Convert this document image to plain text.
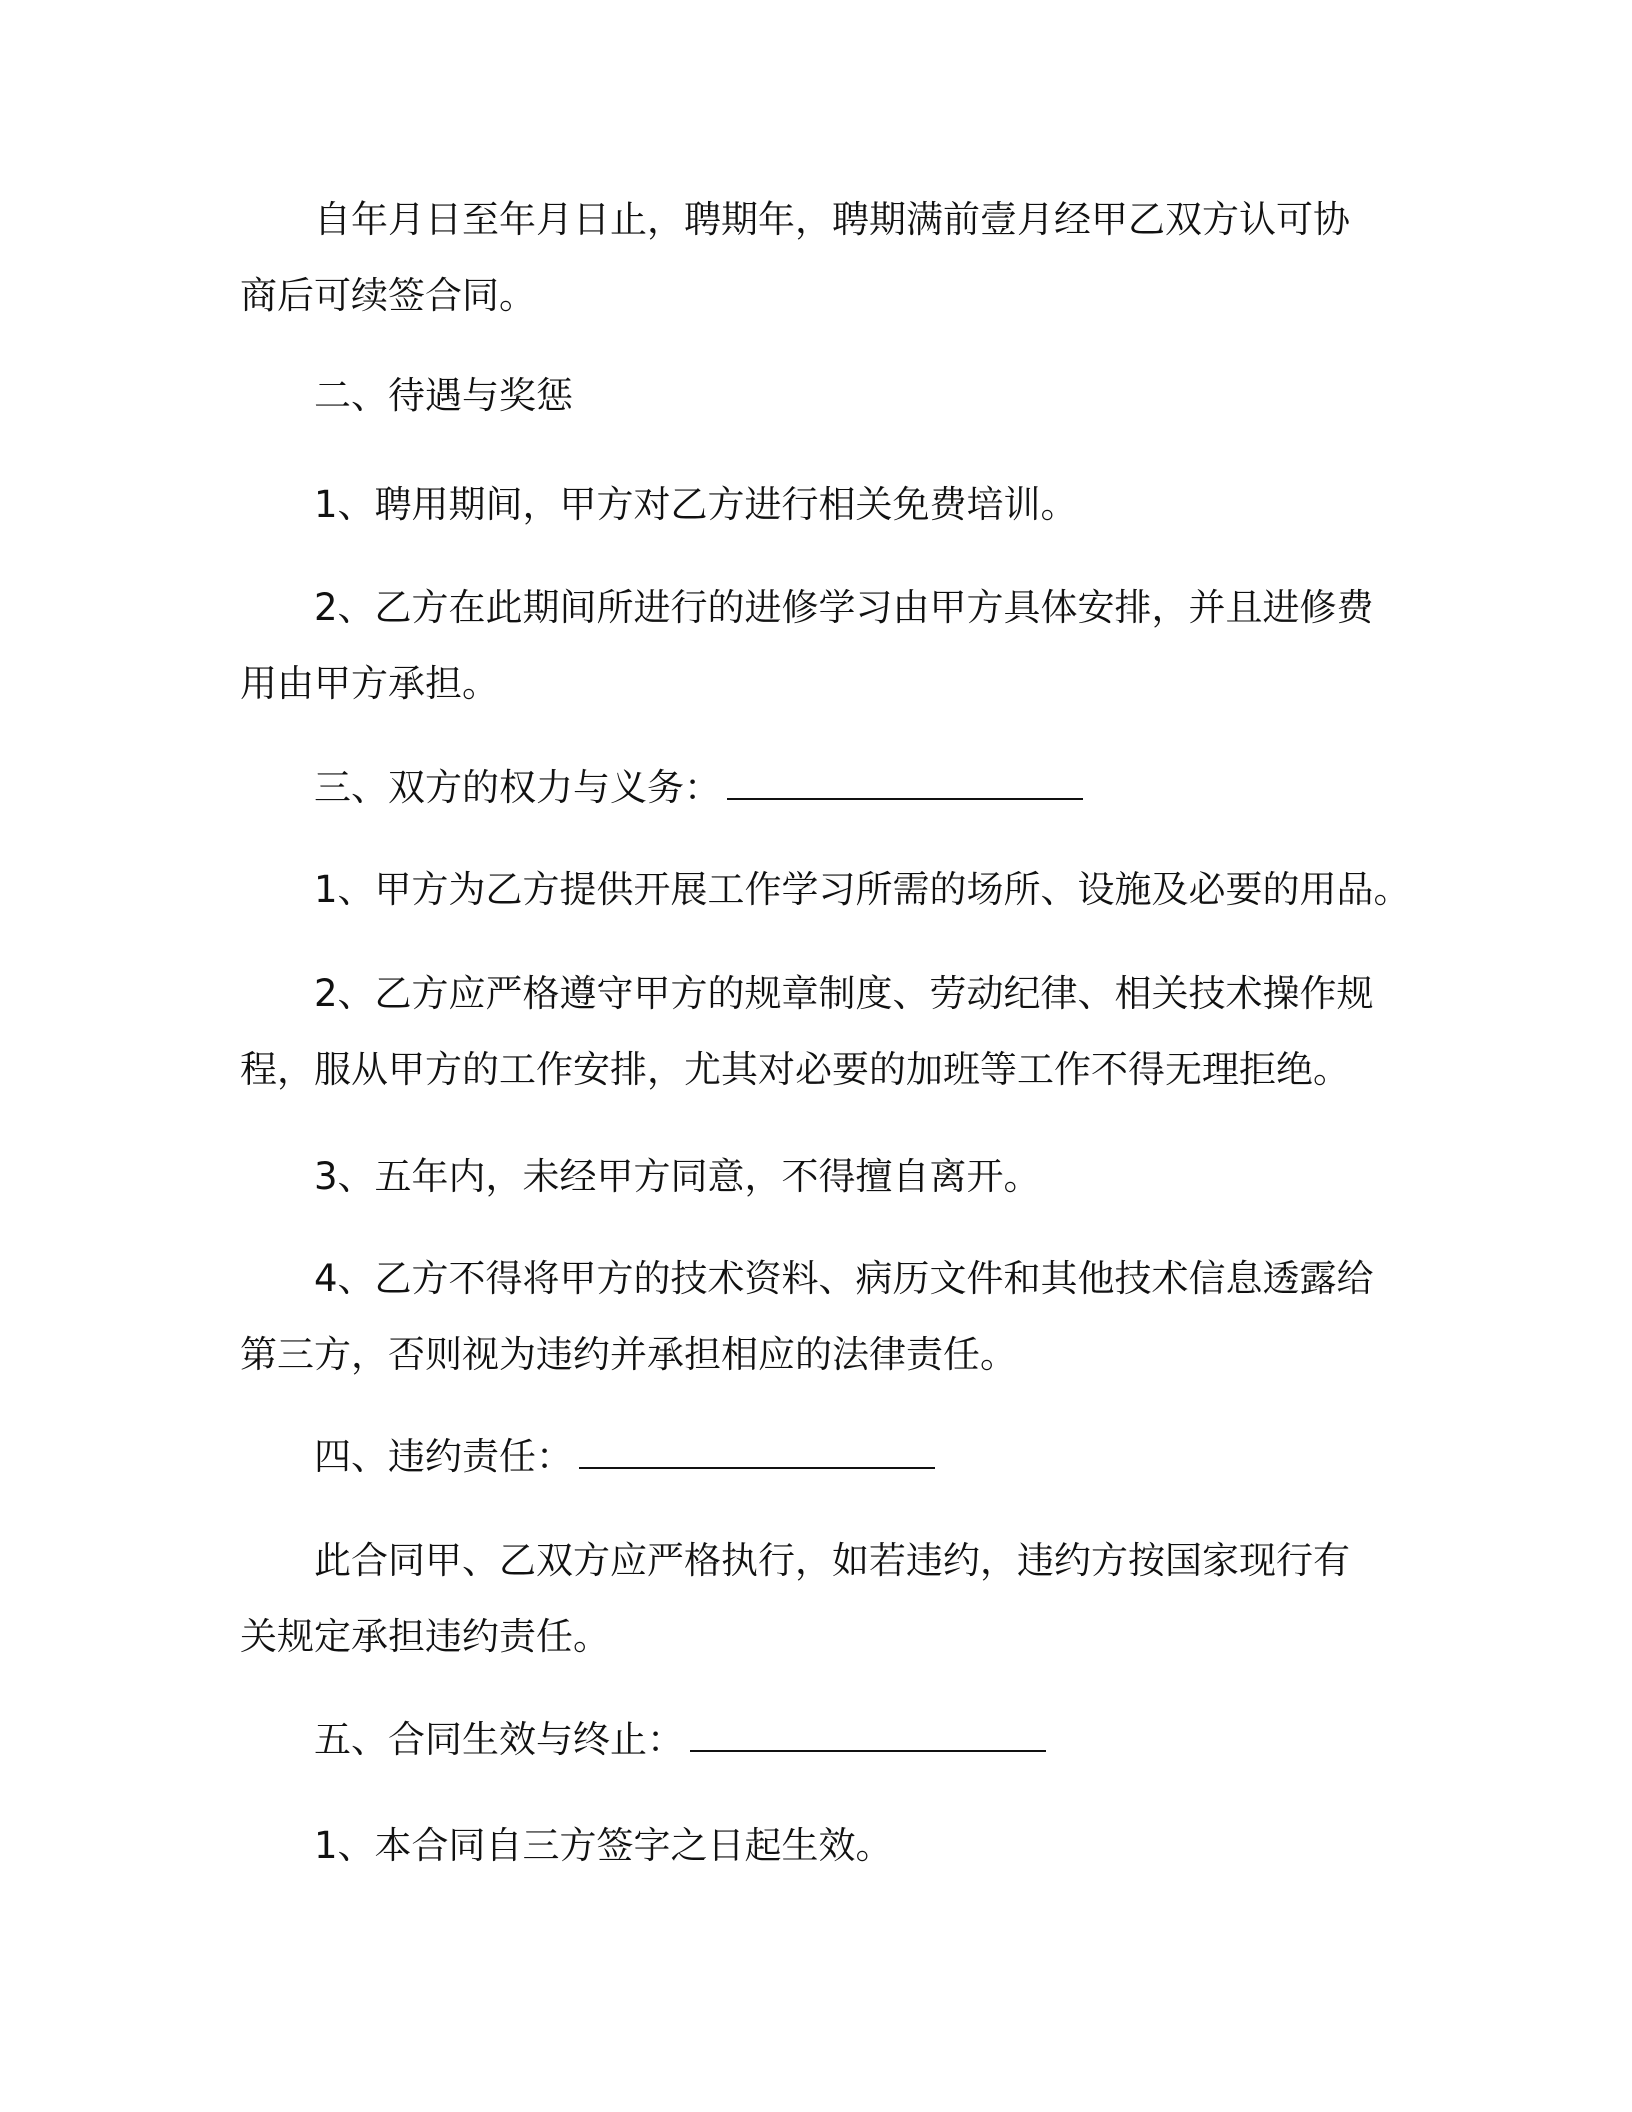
自年月日至年月日止，聘期年，聘期满前壹月经甲乙双方认可协
商后可续签合同。
二、待遇与奖惩
1、聘用期间，甲方对乙方进行相关免费培训。
2、乙方在此期间所进行的进修学习由甲方具体安排，并且进修费
用由甲方承担。
三、双方的权力与义务：
1、甲方为乙方提供开展工作学习所需的场所、设施及必要的用品。
2、乙方应严格遵守甲方的规章制度、劳动纪律、相关技术操作规
程，服从甲方的工作安排，尤其对必要的加班等工作不得无理拒绝。
3、五年内，未经甲方同意，不得擅自离开。
4、乙方不得将甲方的技术资料、病历文件和其他技术信息透露给
第三方，否则视为违约并承担相应的法律责任。
四、违约责任：
此合同甲、乙双方应严格执行，如若违约，违约方按国家现行有
关规定承担违约责任。
五、合同生效与终止：
1、本合同自三方签字之日起生效。
